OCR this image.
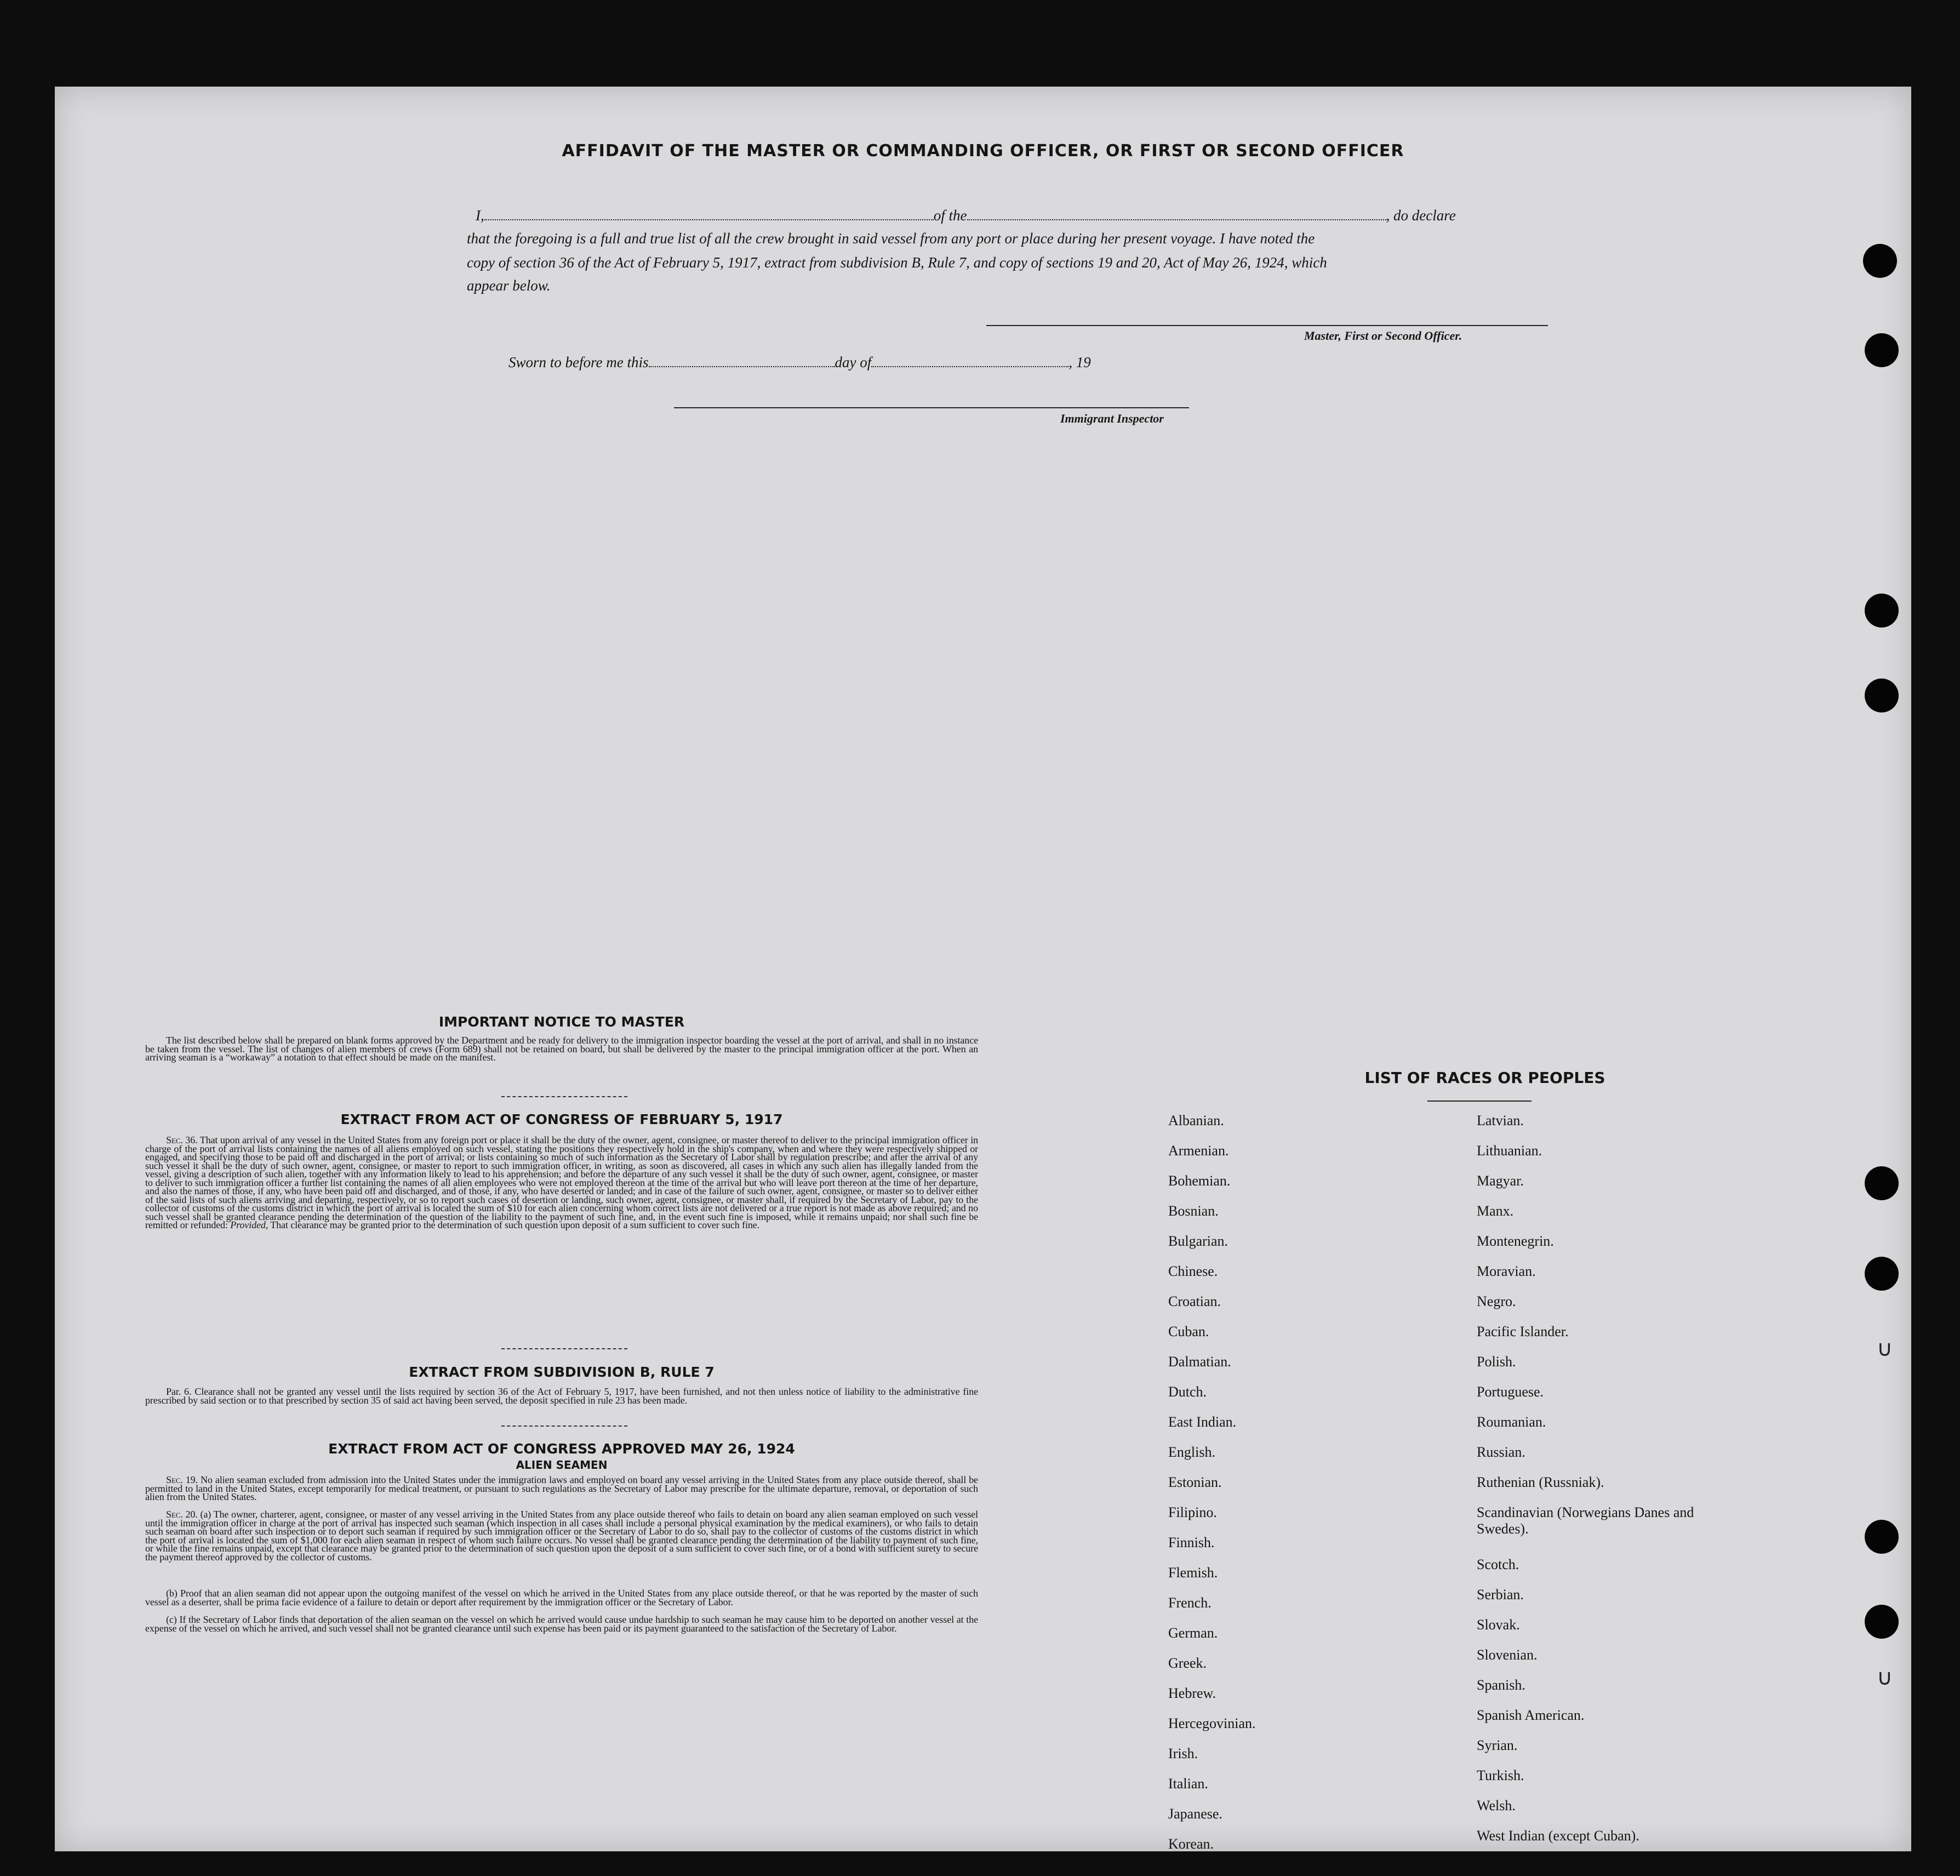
∪
∪
AFFIDAVIT OF THE MASTER OR COMMANDING OFFICER, OR FIRST OR SECOND OFFICER
I,	of the	, do declare

that the foregoing is a full and true list of all the crew brought in said vessel from any port or place during her present voyage. I have noted the

copy of section 36 of the Act of February 5, 1917, extract from subdivision B, Rule 7, and copy of sections 19 and 20, Act of May 26, 1924, which

appear below.

Master, First or Second Officer.

Sworn to before me this	day of	, 19

Immigrant Inspector

IMPORTANT NOTICE TO MASTER

The list described below shall be prepared on blank forms approved by the Department and be ready for delivery to the immigration inspector boarding the vessel at the port of arrival, and shall in no instance be taken from the vessel. The list of changes of alien members of crews (Form 689) shall not be retained on board, but shall be delivered by the master to the principal immigration officer at the port. When an arriving seaman is a “workaway” a notation to that effect should be made on the manifest.

EXTRACT FROM ACT OF CONGRESS OF FEBRUARY 5, 1917

Sec. 36. That upon arrival of any vessel in the United States from any foreign port or place it shall be the duty of the owner, agent, consignee, or master thereof to deliver to the principal immigration officer in charge of the port of arrival lists containing the names of all aliens employed on such vessel, stating the positions they respectively hold in the ship's company, when and where they were respectively shipped or engaged, and specifying those to be paid off and discharged in the port of arrival; or lists containing so much of such information as the Secretary of Labor shall by regulation prescribe; and after the arrival of any such vessel it shall be the duty of such owner, agent, consignee, or master to report to such immigration officer, in writing, as soon as discovered, all cases in which any such alien has illegally landed from the vessel, giving a description of such alien, together with any information likely to lead to his apprehension; and before the departure of any such vessel it shall be the duty of such owner, agent, consignee, or master to deliver to such immigration officer a further list containing the names of all alien employees who were not employed thereon at the time of the arrival but who will leave port thereon at the time of her departure, and also the names of those, if any, who have been paid off and discharged, and of those, if any, who have deserted or landed; and in case of the failure of such owner, agent, consignee, or master so to deliver either of the said lists of such aliens arriving and departing, respectively, or so to report such cases of desertion or landing, such owner, agent, consignee, or master shall, if required by the Secretary of Labor, pay to the collector of customs of the customs district in which the port of arrival is located the sum of $10 for each alien concerning whom correct lists are not delivered or a true report is not made as above required; and no such vessel shall be granted clearance pending the determination of the question of the liability to the payment of such fine, and, in the event such fine is imposed, while it remains unpaid; nor shall such fine be remitted or refunded: Provided, That clearance may be granted prior to the determination of such question upon deposit of a sum sufficient to cover such fine.

EXTRACT FROM SUBDIVISION B, RULE 7

Par. 6. Clearance shall not be granted any vessel until the lists required by section 36 of the Act of February 5, 1917, have been furnished, and not then unless notice of liability to the administrative fine prescribed by said section or to that prescribed by section 35 of said act having been served, the deposit specified in rule 23 has been made.

EXTRACT FROM ACT OF CONGRESS APPROVED MAY 26, 1924
ALIEN SEAMEN

Sec. 19. No alien seaman excluded from admission into the United States under the immigration laws and employed on board any vessel arriving in the United States from any place outside thereof, shall be permitted to land in the United States, except temporarily for medical treatment, or pursuant to such regulations as the Secretary of Labor may prescribe for the ultimate departure, removal, or deportation of such alien from the United States.

Sec. 20. (a) The owner, charterer, agent, consignee, or master of any vessel arriving in the United States from any place outside thereof who fails to detain on board any alien seaman employed on such vessel until the immigration officer in charge at the port of arrival has inspected such seaman (which inspection in all cases shall include a personal physical examination by the medical examiners), or who fails to detain such seaman on board after such inspection or to deport such seaman if required by such immigration officer or the Secretary of Labor to do so, shall pay to the collector of customs of the customs district in which the port of arrival is located the sum of $1,000 for each alien seaman in respect of whom such failure occurs. No vessel shall be granted clearance pending the determination of the liability to payment of such fine, or while the fine remains unpaid, except that clearance may be granted prior to the determination of such question upon the deposit of a sum sufficient to cover such fine, or of a bond with sufficient surety to secure the payment thereof approved by the collector of customs.

(b) Proof that an alien seaman did not appear upon the outgoing manifest of the vessel on which he arrived in the United States from any place outside thereof, or that he was reported by the master of such vessel as a deserter, shall be prima facie evidence of a failure to detain or deport after requirement by the immigration officer or the Secretary of Labor.

(c) If the Secretary of Labor finds that deportation of the alien seaman on the vessel on which he arrived would cause undue hardship to such seaman he may cause him to be deported on another vessel at the expense of the vessel on which he arrived, and such vessel shall not be granted clearance until such expense has been paid or its payment guaranteed to the satisfaction of the Secretary of Labor.

LIST OF RACES OR PEOPLES
Albanian.
Armenian.
Bohemian.
Bosnian.
Bulgarian.
Chinese.
Croatian.
Cuban.
Dalmatian.
Dutch.
East Indian.
English.
Estonian.
Filipino.
Finnish.
Flemish.
French.
German.
Greek.
Hebrew.
Hercegovinian.
Irish.
Italian.
Japanese.
Korean.
Latvian.
Lithuanian.
Magyar.
Manx.
Montenegrin.
Moravian.
Negro.
Pacific Islander.
Polish.
Portuguese.
Roumanian.
Russian.
Ruthenian (Russniak).
Scandinavian (Norwegians Danes and Swedes).
Scotch.
Serbian.
Slovak.
Slovenian.
Spanish.
Spanish American.
Syrian.
Turkish.
Welsh.
West Indian (except Cuban).
